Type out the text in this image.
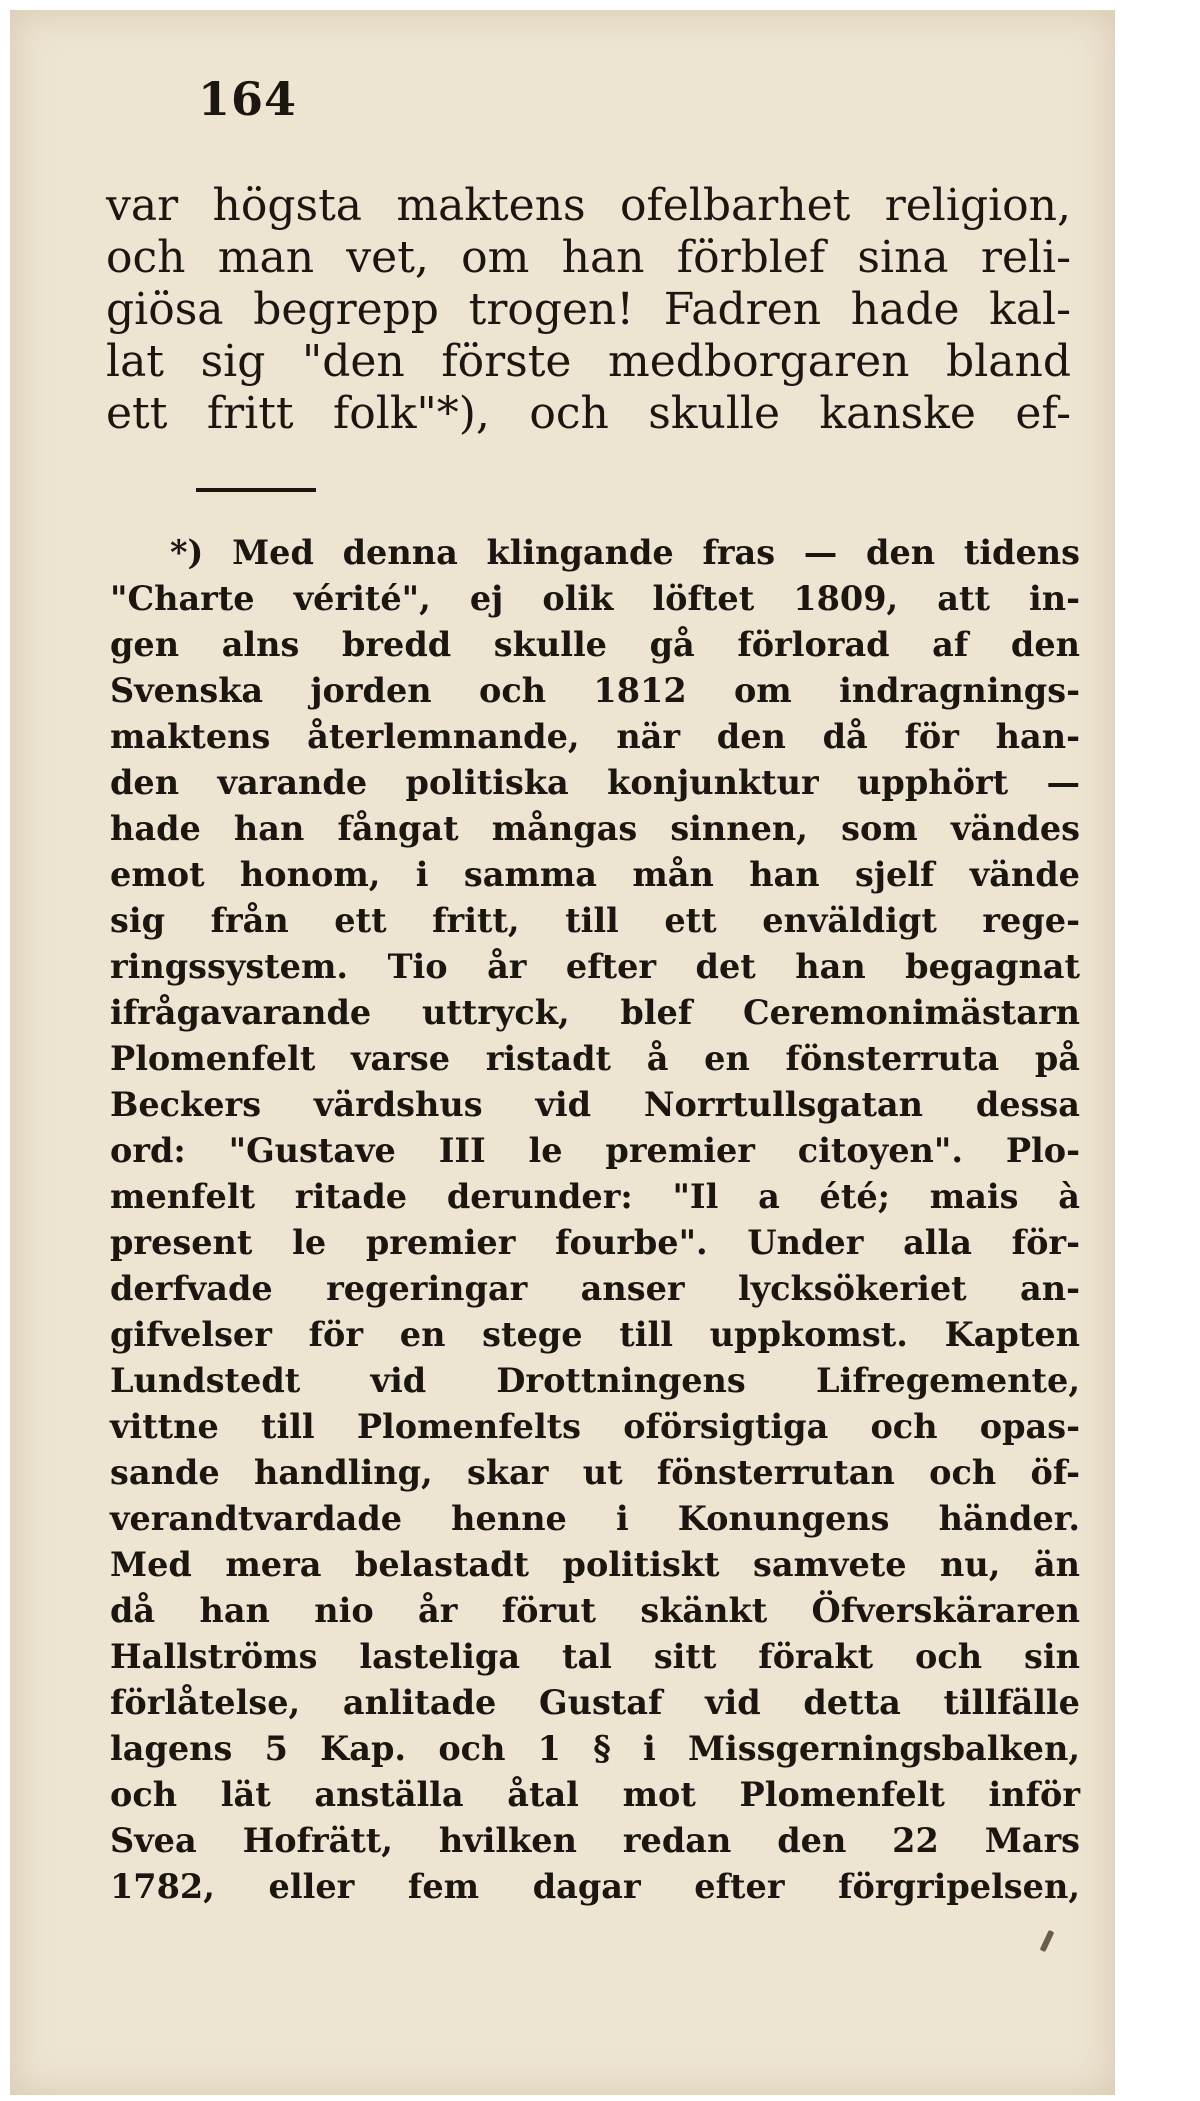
164
var högsta maktens ofelbarhet religion,
och man vet, om han förblef sina reli-
giösa begrepp trogen! Fadren hade kal-
lat sig "den förste medborgaren bland
ett fritt folk"*), och skulle kanske ef-
*) Med denna klingande fras — den tidens
"Charte vérité", ej olik löftet 1809, att in-
gen alns bredd skulle gå förlorad af den
Svenska jorden och 1812 om indragnings-
maktens återlemnande, när den då för han-
den varande politiska konjunktur upphört —
hade han fångat mångas sinnen, som vändes
emot honom, i samma mån han sjelf vände
sig från ett fritt, till ett enväldigt rege-
ringssystem. Tio år efter det han begagnat
ifrågavarande uttryck, blef Ceremonimästarn
Plomenfelt varse ristadt å en fönsterruta på
Beckers värdshus vid Norrtullsgatan dessa
ord: "Gustave III le premier citoyen". Plo-
menfelt ritade derunder: "Il a été; mais à
present le premier fourbe". Under alla för-
derfvade regeringar anser lycksökeriet an-
gifvelser för en stege till uppkomst. Kapten
Lundstedt vid Drottningens Lifregemente,
vittne till Plomenfelts oförsigtiga och opas-
sande handling, skar ut fönsterrutan och öf-
verandtvardade henne i Konungens händer.
Med mera belastadt politiskt samvete nu, än
då han nio år förut skänkt Öfverskäraren
Hallströms lasteliga tal sitt förakt och sin
förlåtelse, anlitade Gustaf vid detta tillfälle
lagens 5 Kap. och 1 § i Missgerningsbalken,
och lät anställa åtal mot Plomenfelt inför
Svea Hofrätt, hvilken redan den 22 Mars
1782, eller fem dagar efter förgripelsen,
